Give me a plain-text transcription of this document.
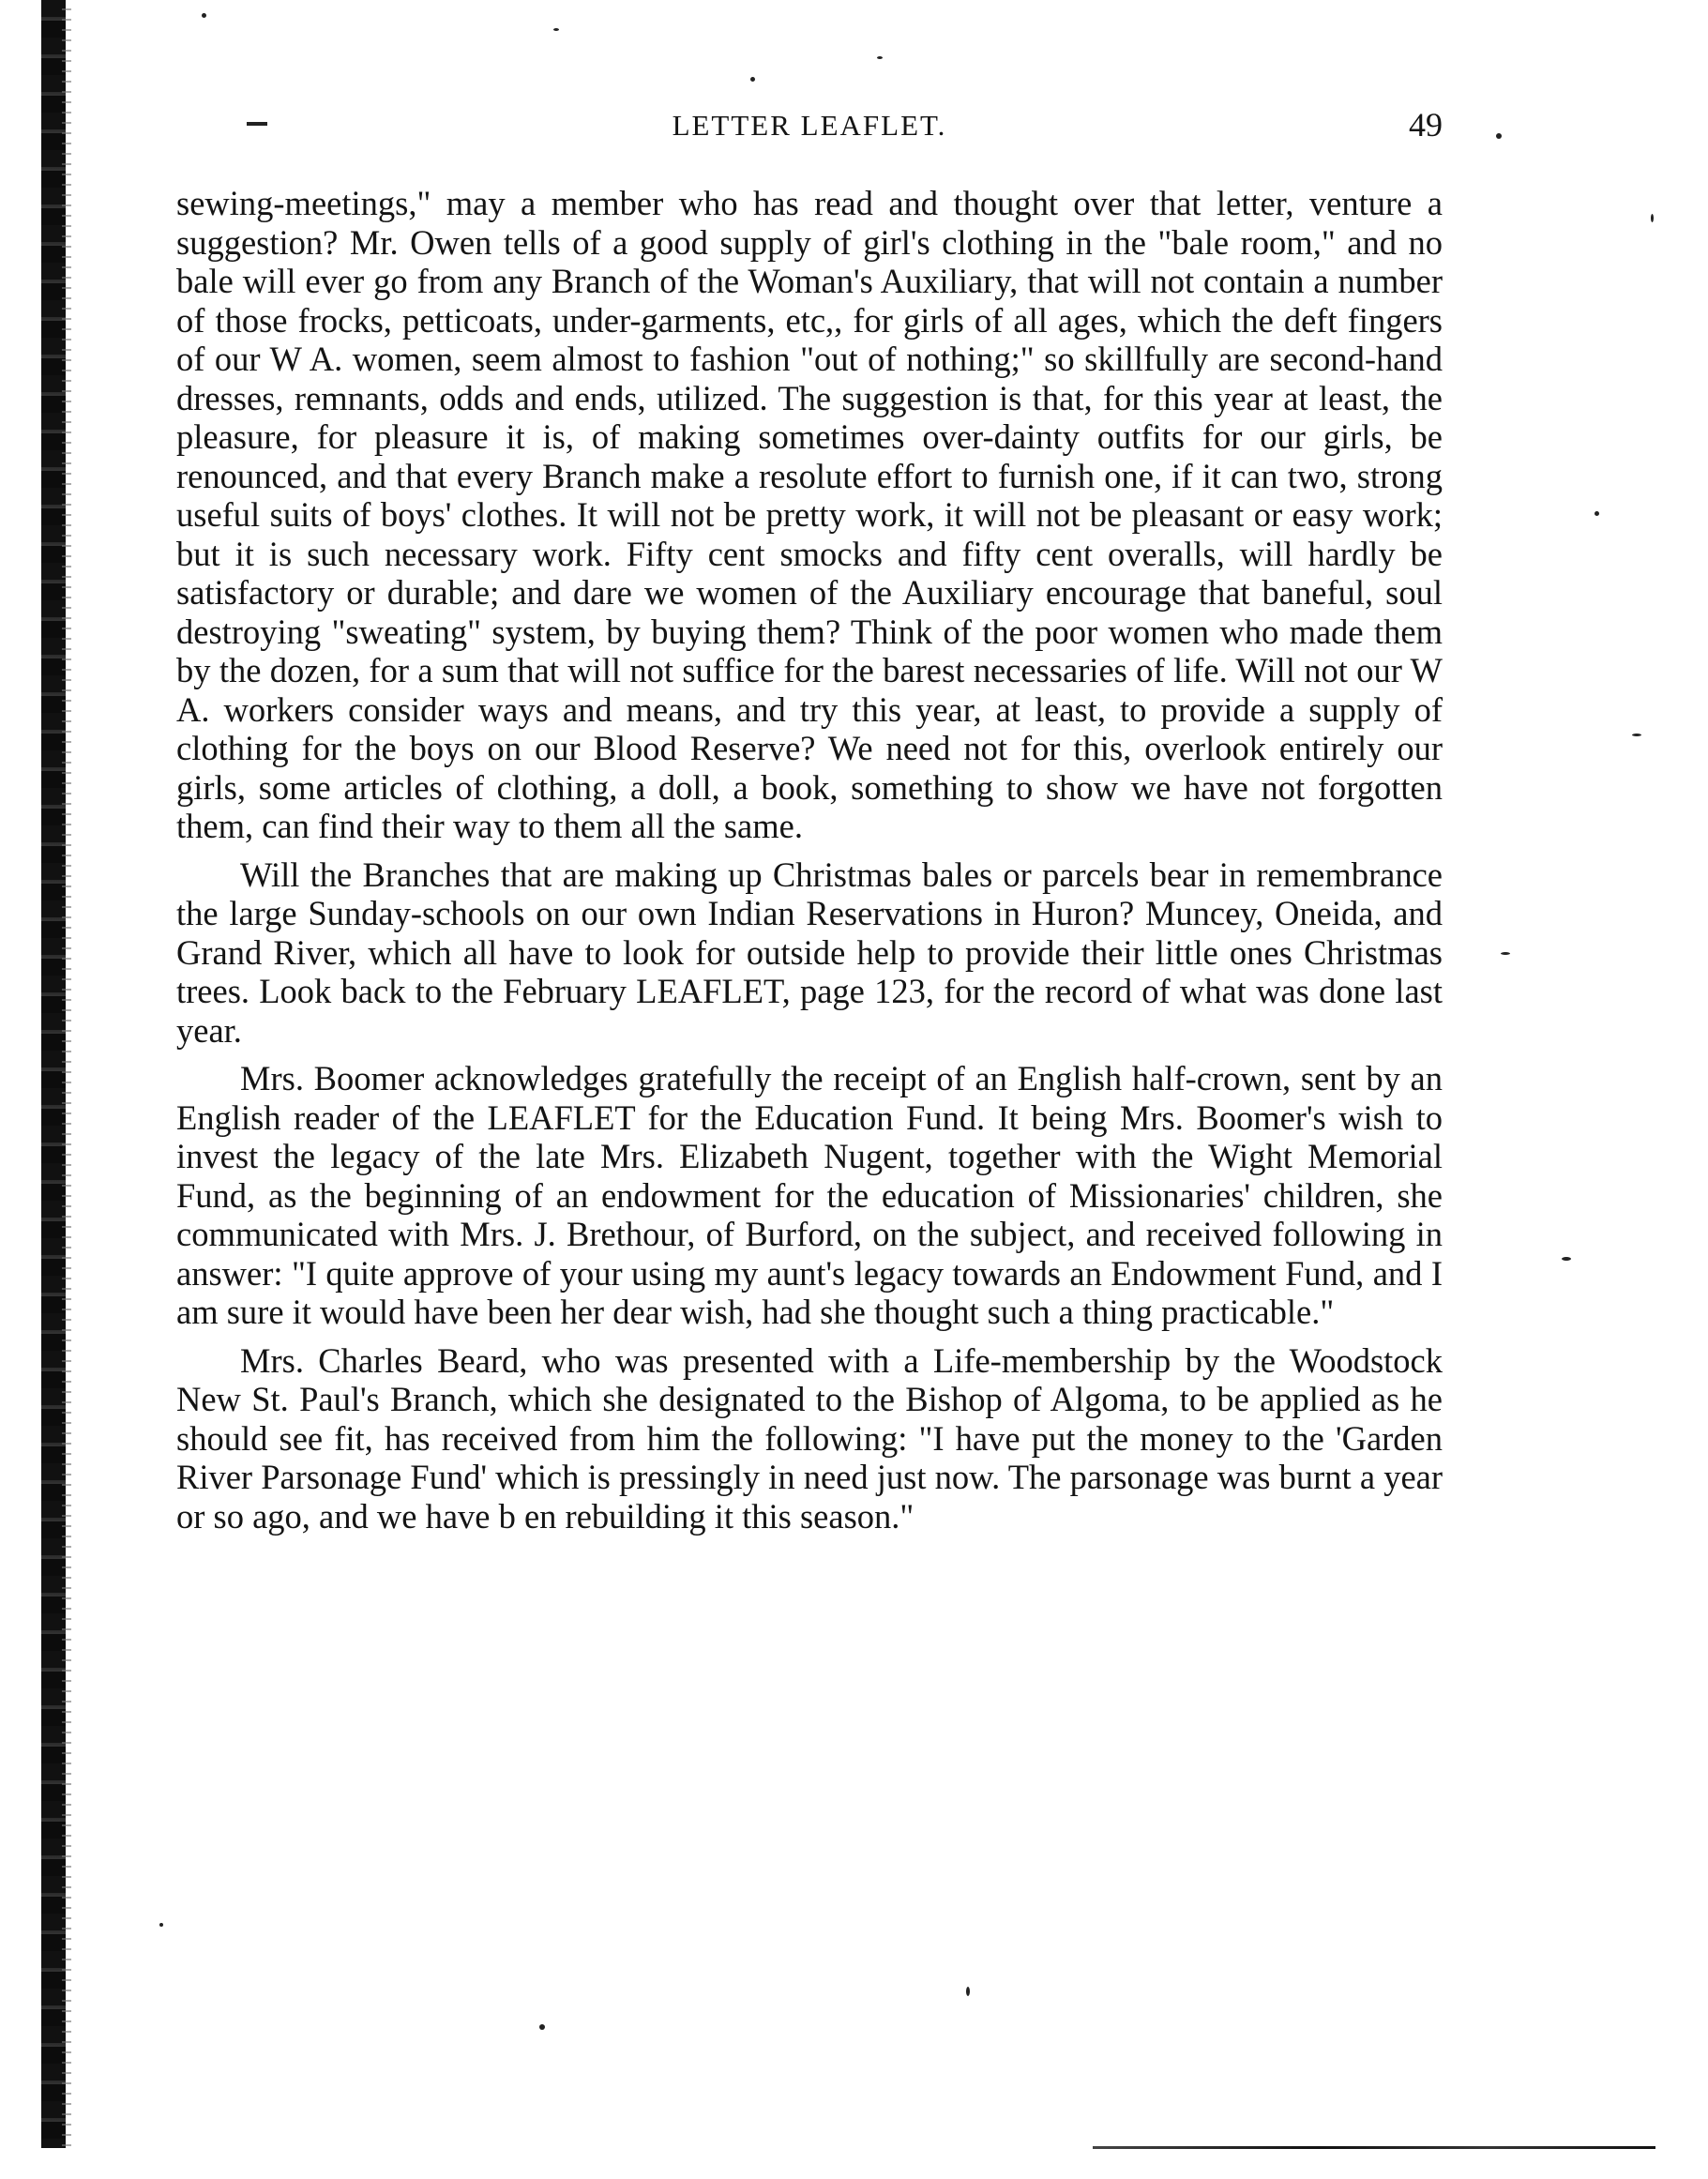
LETTER LEAFLET.	49

sewing-meetings," may a member who has read and thought over that letter, venture a suggestion? Mr. Owen tells of a good supply of girl's clothing in the "bale room," and no bale will ever go from any Branch of the Woman's Auxiliary, that will not contain a number of those frocks, petticoats, under-garments, etc,, for girls of all ages, which the deft fingers of our W A. women, seem almost to fashion "out of nothing;" so skillfully are second-hand dresses, remnants, odds and ends, utilized. The suggestion is that, for this year at least, the pleasure, for pleasure it is, of making sometimes over-dainty outfits for our girls, be renounced, and that every Branch make a resolute effort to furnish one, if it can two, strong useful suits of boys' clothes. It will not be pretty work, it will not be pleasant or easy work; but it is such necessary work. Fifty cent smocks and fifty cent overalls, will hardly be satisfactory or durable; and dare we women of the Auxiliary encourage that baneful, soul destroying "sweating" system, by buying them? Think of the poor women who made them by the dozen, for a sum that will not suffice for the barest necessaries of life. Will not our W A. workers consider ways and means, and try this year, at least, to provide a supply of clothing for the boys on our Blood Reserve? We need not for this, overlook entirely our girls, some articles of clothing, a doll, a book, something to show we have not forgotten them, can find their way to them all the same.

Will the Branches that are making up Christmas bales or parcels bear in remembrance the large Sunday-schools on our own Indian Reservations in Huron? Muncey, Oneida, and Grand River, which all have to look for outside help to provide their little ones Christmas trees. Look back to the February LEAFLET, page 123, for the record of what was done last year.

Mrs. Boomer acknowledges gratefully the receipt of an English half-crown, sent by an English reader of the LEAFLET for the Education Fund. It being Mrs. Boomer's wish to invest the legacy of the late Mrs. Elizabeth Nugent, together with the Wight Memorial Fund, as the beginning of an endowment for the education of Missionaries' children, she communicated with Mrs. J. Brethour, of Burford, on the subject, and received following in answer: "I quite approve of your using my aunt's legacy towards an Endowment Fund, and I am sure it would have been her dear wish, had she thought such a thing practicable."

Mrs. Charles Beard, who was presented with a Life-membership by the Woodstock New St. Paul's Branch, which she designated to the Bishop of Algoma, to be applied as he should see fit, has received from him the following: "I have put the money to the 'Garden River Parsonage Fund' which is pressingly in need just now. The parsonage was burnt a year or so ago, and we have b en rebuilding it this season."
